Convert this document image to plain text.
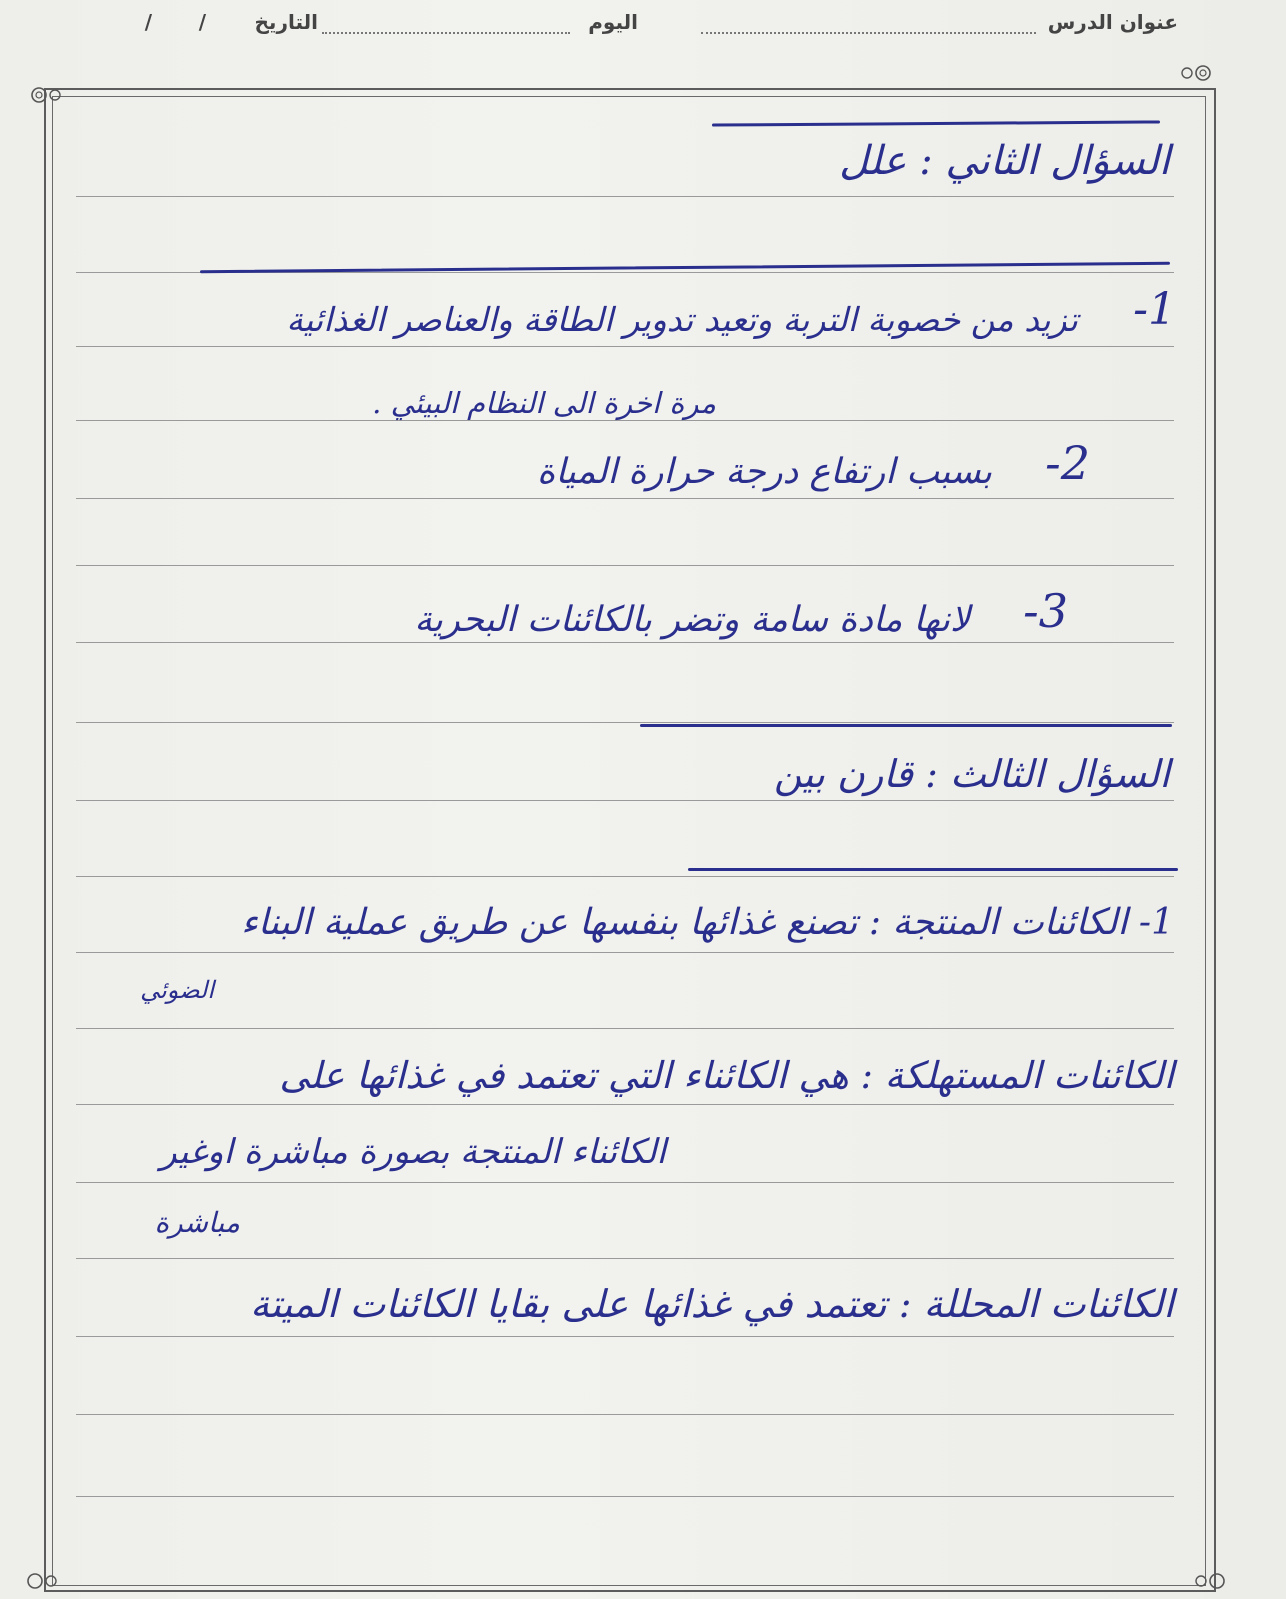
عنوان الدرس
اليوم
التاريخ
/
/
السؤال الثاني : علل
1-
تزيد من خصوبة التربة وتعيد تدوير الطاقة والعناصر الغذائية
مرة اخرة الى النظام البيئي .
2-
بسبب ارتفاع درجة حرارة المياة
3-
لانها مادة سامة وتضر بالكائنات البحرية
السؤال الثالث : قارن بين
1- الكائنات المنتجة : تصنع غذائها بنفسها عن طريق عملية البناء
الضوئي
الكائنات المستهلكة : هي الكائناء التي تعتمد في غذائها على
الكائناء المنتجة بصورة مباشرة اوغير
مباشرة
الكائنات المحللة : تعتمد في غذائها على بقايا الكائنات الميتة
